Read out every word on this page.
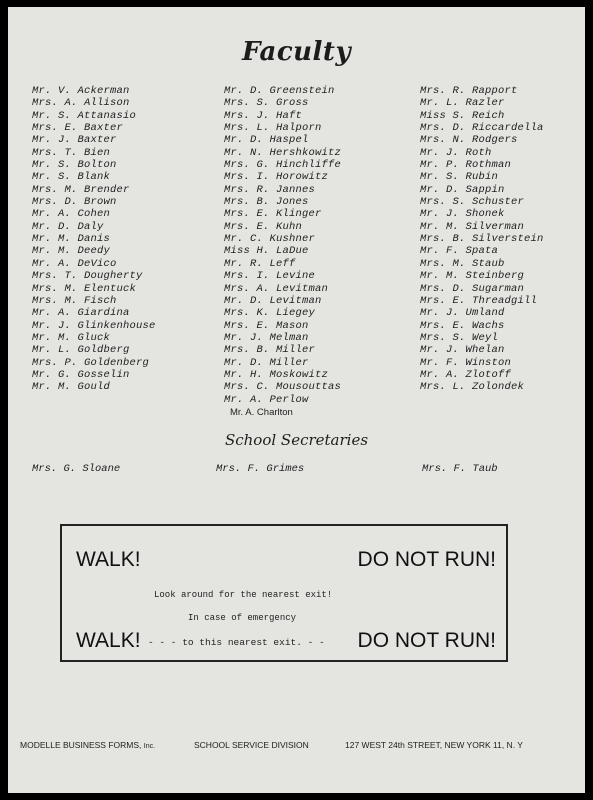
Faculty
Mr. V. Ackerman
Mrs. A. Allison
Mr. S. Attanasio
Mrs. E. Baxter
Mr. J. Baxter
Mrs. T. Bien
Mr. S. Bolton
Mr. S. Blank
Mrs. M. Brender
Mrs. D. Brown
Mr. A. Cohen
Mr. D. Daly
Mr. M. Danis
Mr. M. Deedy
Mr. A. DeVico
Mrs. T. Dougherty
Mrs. M. Elentuck
Mrs. M. Fisch
Mr. A. Giardina
Mr. J. Glinkenhouse
Mr. M. Gluck
Mr. L. Goldberg
Mrs. P. Goldenberg
Mr. G. Gosselin
Mr. M. Gould
Mr. D. Greenstein
Mrs. S. Gross
Mrs. J. Haft
Mrs. L. Halporn
Mr. D. Haspel
Mr. N. Hershkowitz
Mrs. G. Hinchliffe
Mrs. I. Horowitz
Mrs. R. Jannes
Mrs. B. Jones
Mrs. E. Klinger
Mrs. E. Kuhn
Mr. C. Kushner
Miss H. LaDue
Mr. R. Leff
Mrs. I. Levine
Mrs. A. Levitman
Mr. D. Levitman
Mrs. K. Liegey
Mrs. E. Mason
Mr. J. Melman
Mrs. B. Miller
Mr. D. Miller
Mr. H. Moskowitz
Mrs. C. Mousouttas
Mr. A. Perlow
Mrs. R. Rapport
Mr. L. Razler
Miss S. Reich
Mrs. D. Riccardella
Mrs. N. Rodgers
Mr. J. Roth
Mr. P. Rothman
Mr. S. Rubin
Mr. D. Sappin
Mrs. S. Schuster
Mr. J. Shonek
Mr. M. Silverman
Mrs. B. Silverstein
Mr. F. Spata
Mrs. M. Staub
Mr. M. Steinberg
Mrs. D. Sugarman
Mrs. E. Threadgill
Mr. J. Umland
Mrs. E. Wachs
Mrs. S. Weyl
Mr. J. Whelan
Mr. F. Winston
Mr. A. Zlotoff
Mrs. L. Zolondek
Mr. A. Charlton
School Secretaries
Mrs. G. Sloane	Mrs. F. Grimes	Mrs. F. Taub
WALK!	DO NOT RUN!
Look around for the nearest exit!
In case of emergency
WALK! - - - to this nearest exit. - - DO NOT RUN!
MODELLE BUSINESS FORMS, Inc.	SCHOOL SERVICE DIVISION	127 WEST 24th STREET, NEW YORK 11, N. Y
